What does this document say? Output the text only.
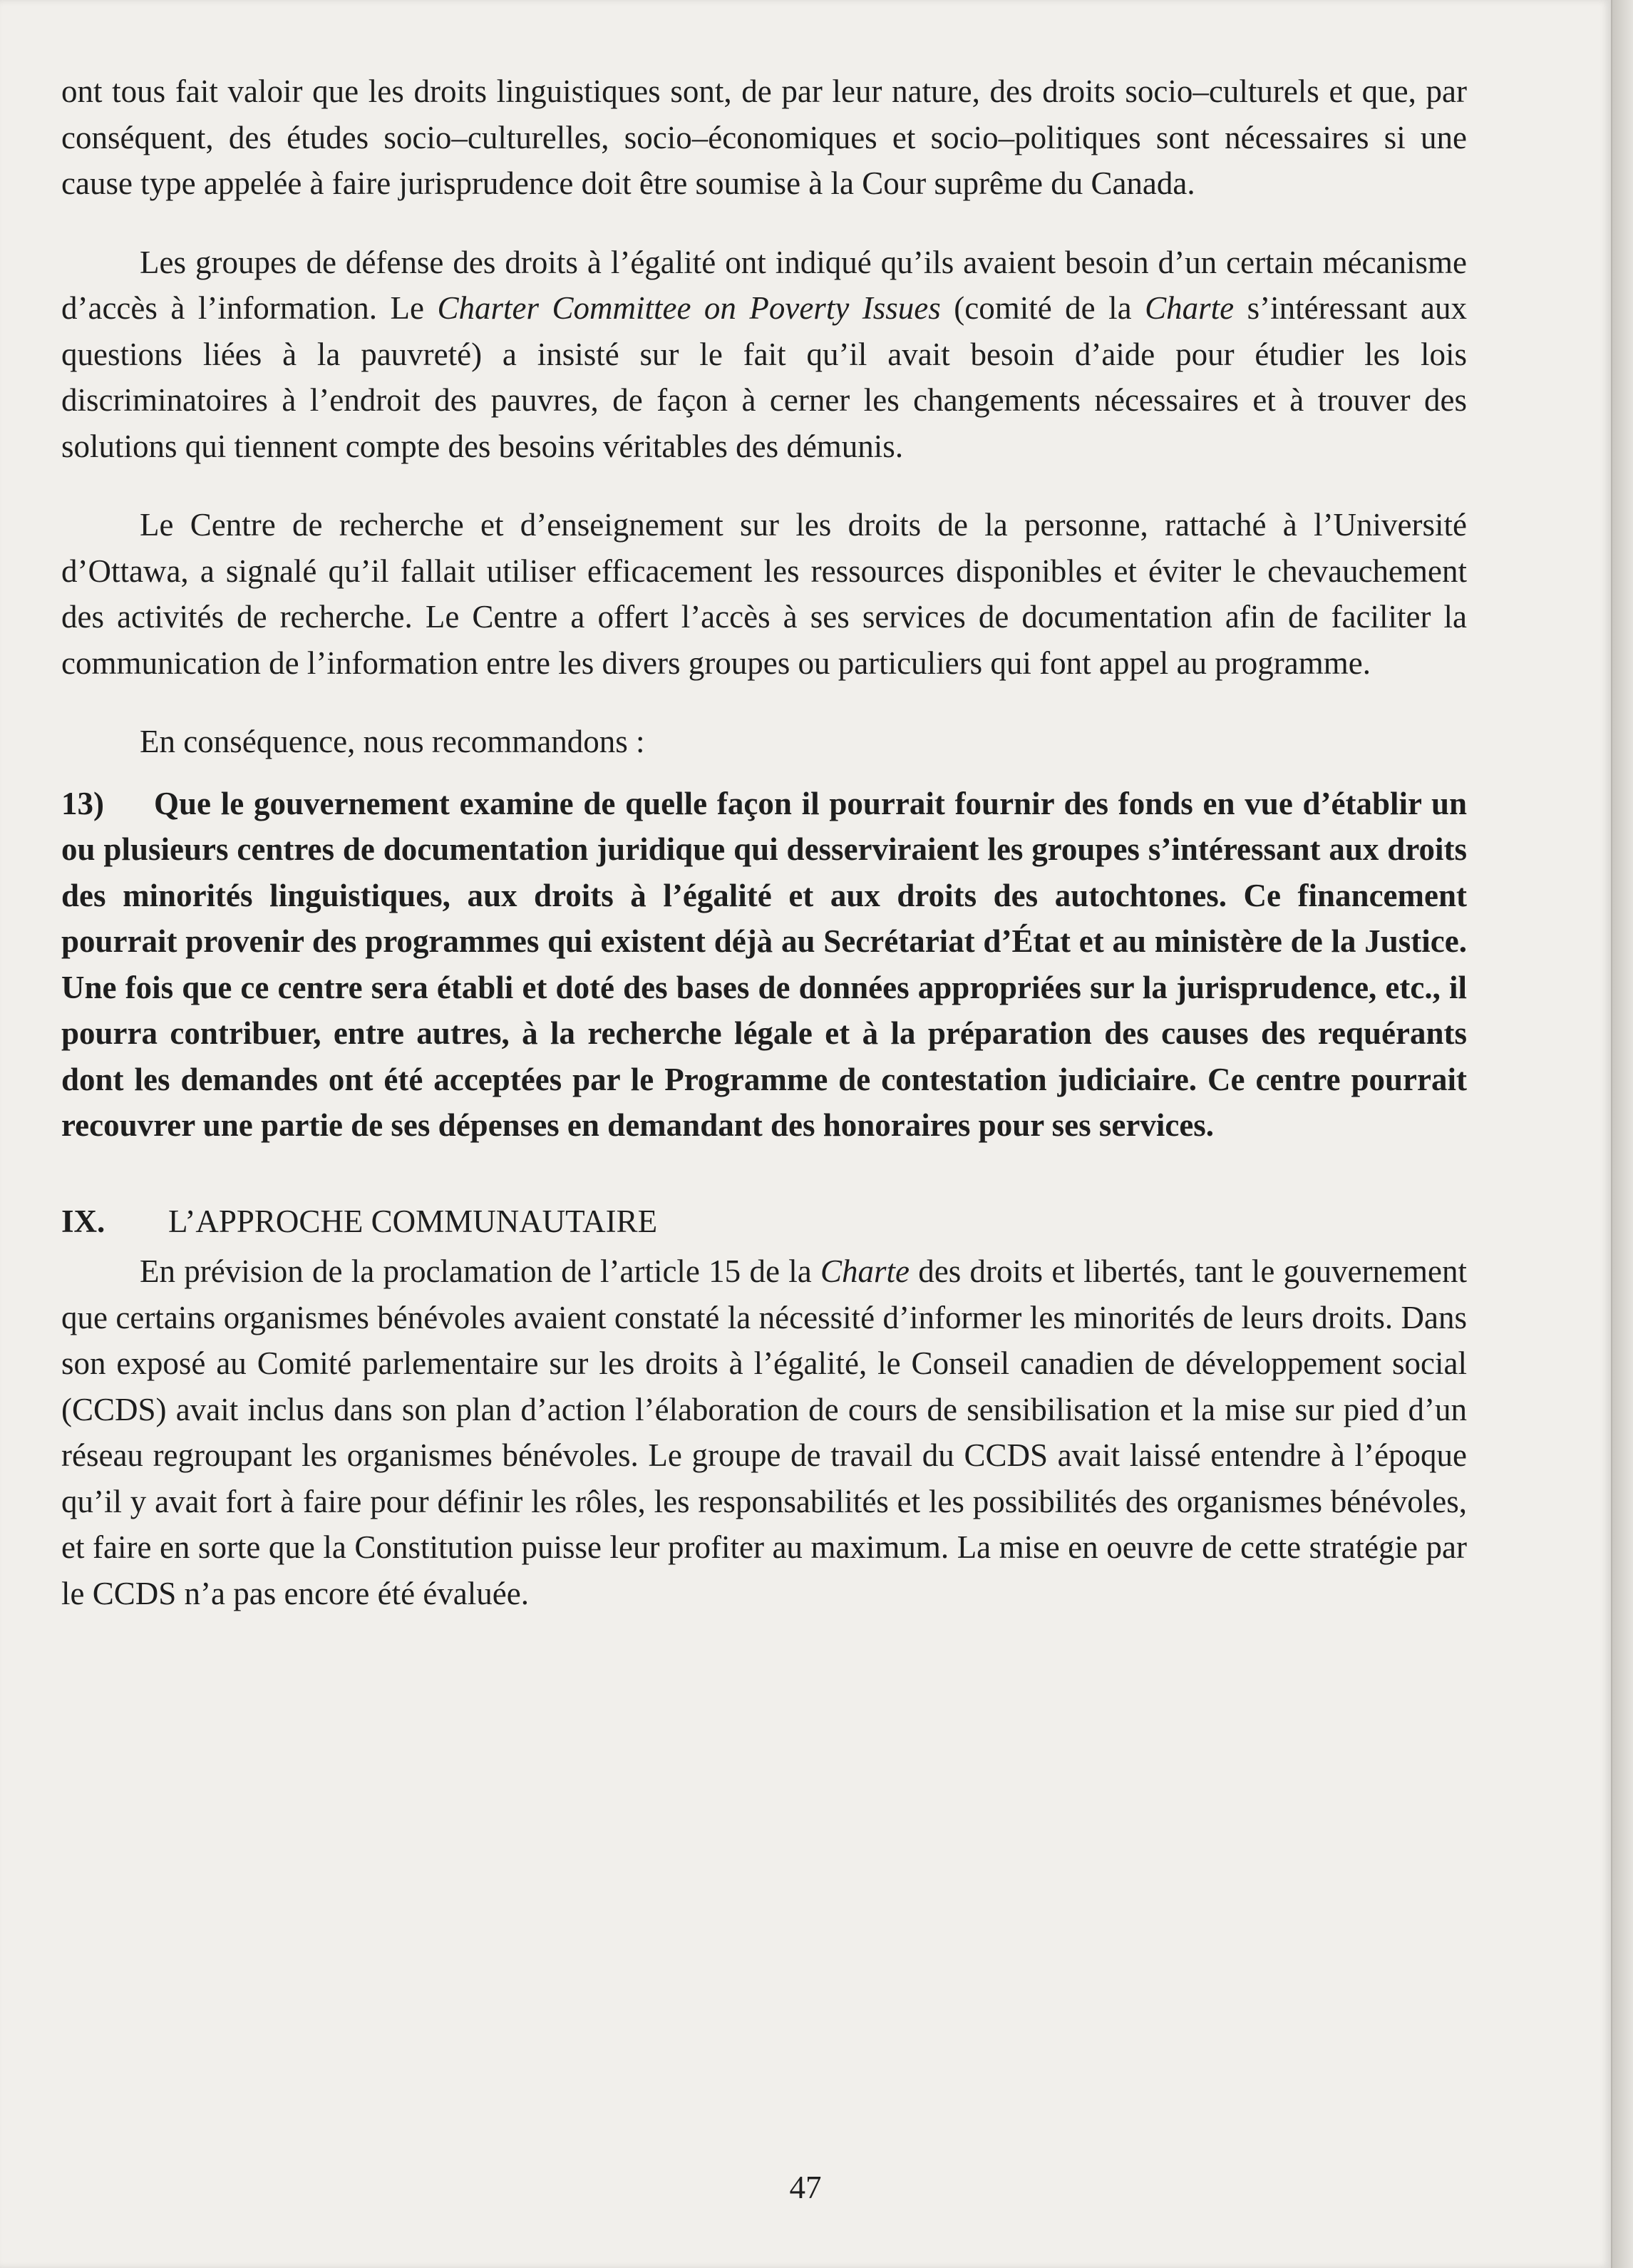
ont tous fait valoir que les droits linguistiques sont, de par leur nature, des droits socio–culturels et que, par conséquent, des études socio–culturelles, socio–économiques et socio–politiques sont nécessaires si une cause type appelée à faire jurisprudence doit être soumise à la Cour suprême du Canada.

Les groupes de défense des droits à l’égalité ont indiqué qu’ils avaient besoin d’un certain mécanisme d’accès à l’information. Le Charter Committee on Poverty Issues (comité de la Charte s’intéressant aux questions liées à la pauvreté) a insisté sur le fait qu’il avait besoin d’aide pour étudier les lois discriminatoires à l’endroit des pauvres, de façon à cerner les changements nécessaires et à trouver des solutions qui tiennent compte des besoins véritables des démunis.

Le Centre de recherche et d’enseignement sur les droits de la personne, rattaché à l’Université d’Ottawa, a signalé qu’il fallait utiliser efficacement les ressources disponibles et éviter le chevauchement des activités de recherche. Le Centre a offert l’accès à ses services de documentation afin de faciliter la communication de l’information entre les divers groupes ou particuliers qui font appel au programme.

En conséquence, nous recommandons :

13) Que le gouvernement examine de quelle façon il pourrait fournir des fonds en vue d’établir un ou plusieurs centres de documentation juridique qui desserviraient les groupes s’intéressant aux droits des minorités linguistiques, aux droits à l’égalité et aux droits des autochtones. Ce financement pourrait provenir des programmes qui existent déjà au Secrétariat d’État et au ministère de la Justice. Une fois que ce centre sera établi et doté des bases de données appropriées sur la jurisprudence, etc., il pourra contribuer, entre autres, à la recherche légale et à la préparation des causes des requérants dont les demandes ont été acceptées par le Programme de contestation judiciaire. Ce centre pourrait recouvrer une partie de ses dépenses en demandant des honoraires pour ses services.

IX. L’APPROCHE COMMUNAUTAIRE

En prévision de la proclamation de l’article 15 de la Charte des droits et libertés, tant le gouvernement que certains organismes bénévoles avaient constaté la nécessité d’informer les minorités de leurs droits. Dans son exposé au Comité parlementaire sur les droits à l’égalité, le Conseil canadien de développement social (CCDS) avait inclus dans son plan d’action l’élaboration de cours de sensibilisation et la mise sur pied d’un réseau regroupant les organismes bénévoles. Le groupe de travail du CCDS avait laissé entendre à l’époque qu’il y avait fort à faire pour définir les rôles, les responsabilités et les possibilités des organismes bénévoles, et faire en sorte que la Constitution puisse leur profiter au maximum. La mise en oeuvre de cette stratégie par le CCDS n’a pas encore été évaluée.

47
